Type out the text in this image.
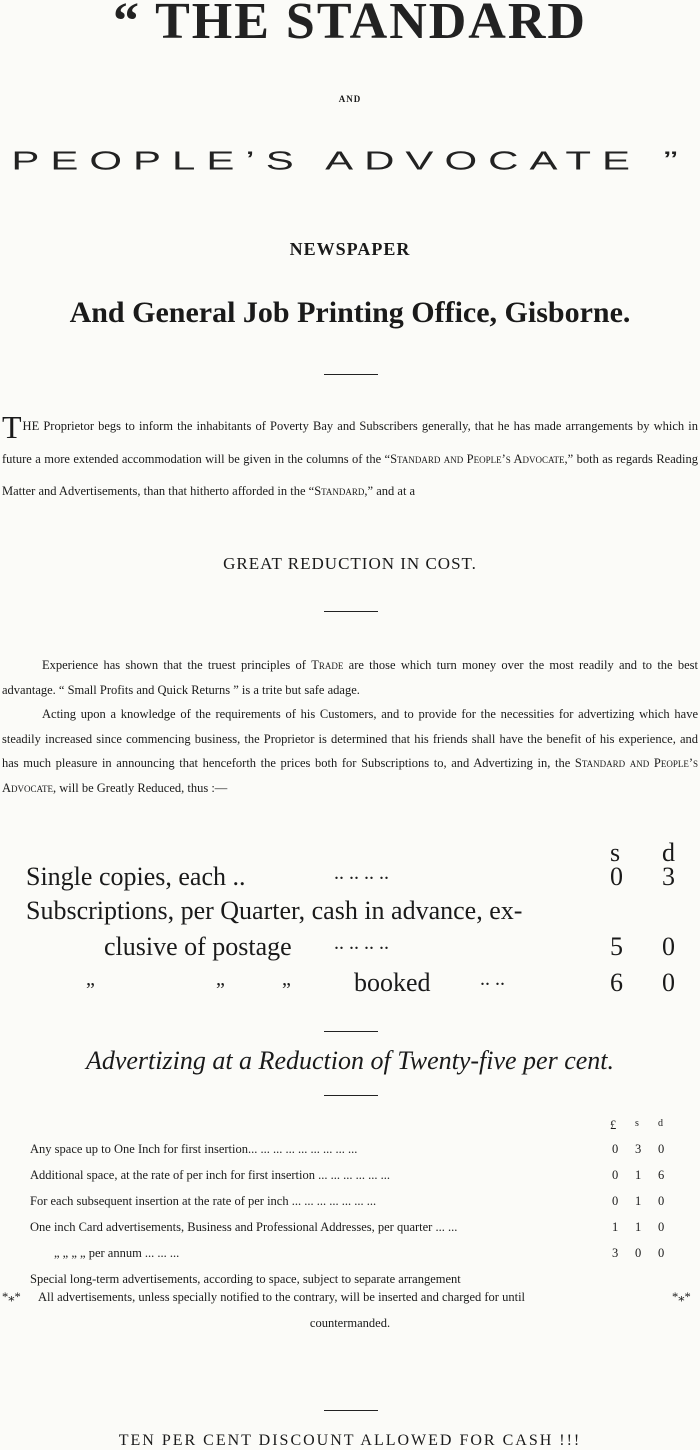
“ THE STANDARD
AND
PEOPLE’S ADVOCATE ”
NEWSPAPER
And General Job Printing Office, Gisborne.
THE Proprietor begs to inform the inhabitants of Poverty Bay and Subscribers generally, that he has made arrangements by which in future a more extended accommodation will be given in the columns of the “Standard and People’s Advocate,” both as regards Reading Matter and Advertisements, than that hitherto afforded in the “Standard,” and at a
GREAT REDUCTION IN COST.

Experience has shown that the truest principles of Trade are those which turn money over the most readily and to the best advantage. “ Small Profits and Quick Returns ” is a trite but safe adage.

Acting upon a knowledge of the requirements of his Customers, and to provide for the necessities for advertizing which have steadily increased since commencing business, the Proprietor is determined that his friends shall have the benefit of his experience, and has much pleasure in announcing that henceforth the prices both for Subscriptions to, and Advertizing in, the Standard and People’s Advocate, will be Greatly Reduced, thus :—

s d
Single copies, each ..	.. .. .. ..	0 3
Subscriptions, per Quarter, cash in advance, ex-
clusive of postage .. .. .. ..	5 0
„	„	„ booked .. ..	6 0
Advertizing at a Reduction of Twenty-five per cent.
£ s d
Any space up to One Inch for first insertion... ... ... ... ... ... ... ... ...	0 3 0
Additional space, at the rate of per inch for first insertion ... ... ... ... ... ...	0 1 6
For each subsequent insertion at the rate of per inch ... ... ... ... ... ... ...	0 1 0
One inch Card advertisements, Business and Professional Addresses, per quarter ... ...	1 1 0
„ „ „ „ per annum ... ... ...	3 0 0
Special long-term advertisements, according to space, subject to separate arrangement
*⁎* All advertisements, unless specially notified to the contrary, will be inserted and charged for until	*⁎*
countermanded.
TEN PER CENT DISCOUNT ALLOWED FOR CASH !!!
